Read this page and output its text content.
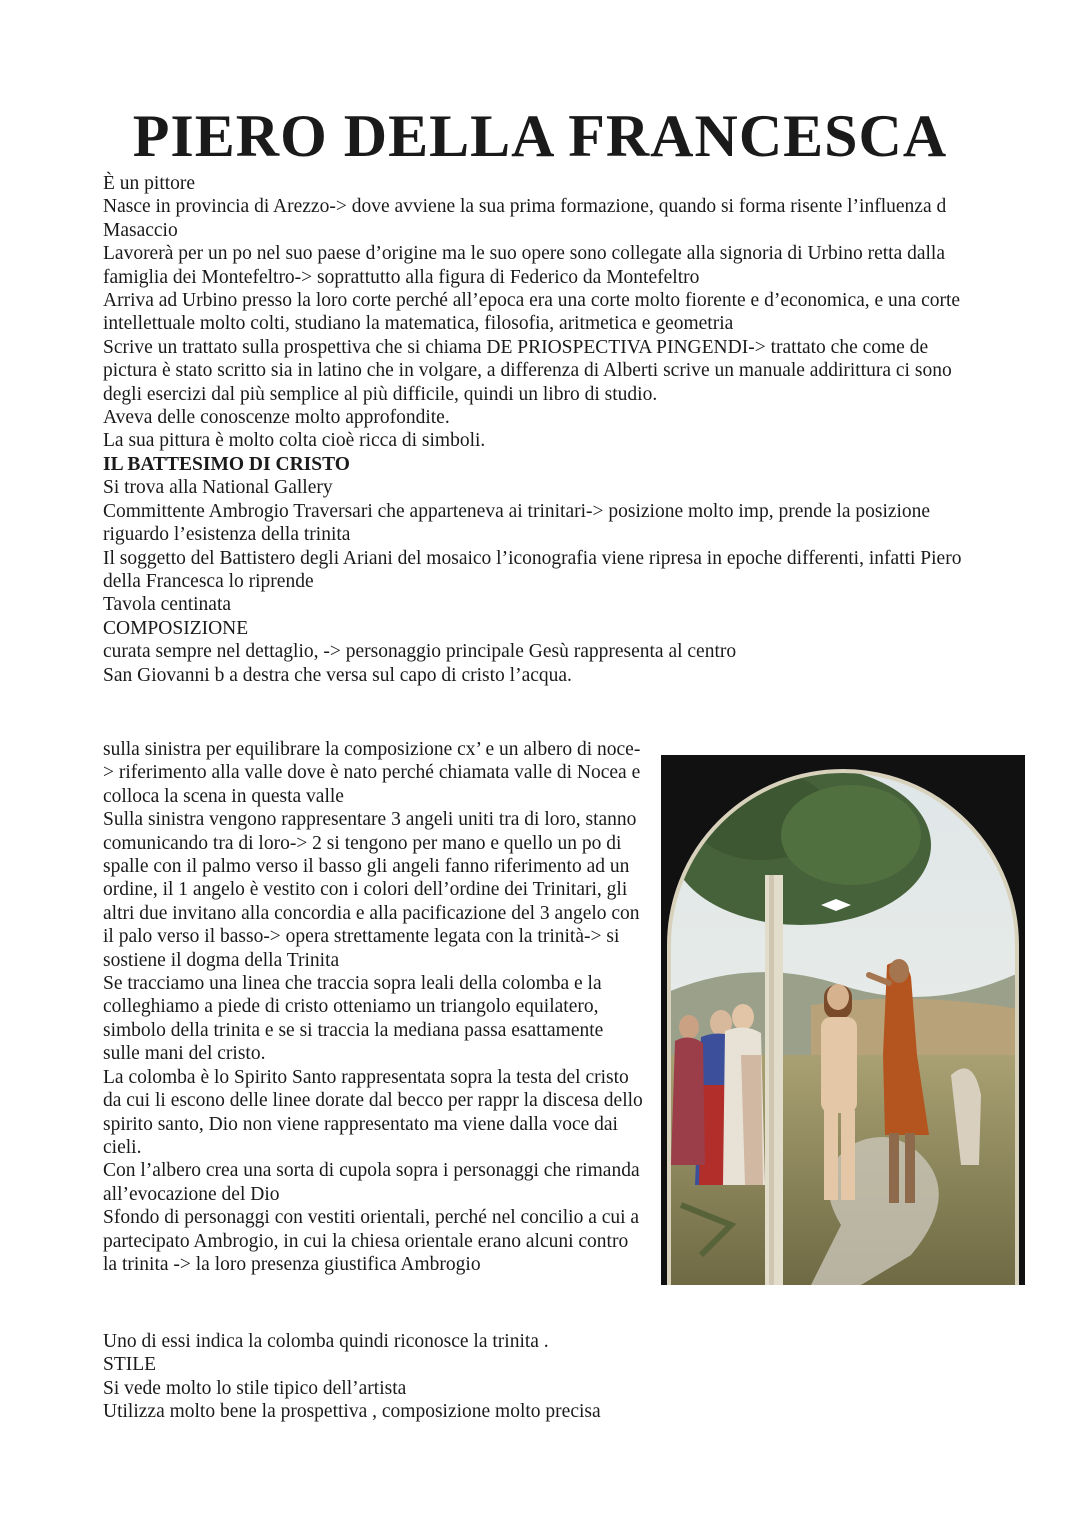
PIERO DELLA FRANCESCA

È un pittore

Nasce in provincia di Arezzo-> dove avviene la sua prima formazione, quando si forma risente l’influenza d Masaccio

Lavorerà per un po nel suo paese d’origine ma le suo opere sono collegate alla signoria di Urbino retta dalla famiglia dei Montefeltro-> soprattutto alla figura di Federico da Montefeltro

Arriva ad Urbino presso la loro corte perché all’epoca era una corte molto fiorente e d’economica, e una corte intellettuale molto colti, studiano la matematica, filosofia, aritmetica e geometria

Scrive un trattato sulla prospettiva che si chiama DE PRIOSPECTIVA PINGENDI-> trattato che come de pictura è stato scritto sia in latino che in volgare, a differenza di Alberti scrive un manuale addirittura ci sono degli esercizi dal più semplice al più difficile, quindi un libro di studio.

Aveva delle conoscenze molto approfondite.

La sua pittura è molto colta cioè ricca di simboli.

IL BATTESIMO DI CRISTO

Si trova alla National Gallery

Committente Ambrogio Traversari che apparteneva ai trinitari-> posizione molto imp, prende la posizione riguardo l’esistenza della trinita

Il soggetto del Battistero degli Ariani del mosaico l’iconografia viene ripresa in epoche differenti, infatti Piero della Francesca lo riprende

Tavola centinata

COMPOSIZIONE

curata sempre nel dettaglio, -> personaggio principale Gesù rappresenta al centro

San Giovanni b a destra che versa sul capo di cristo l’acqua.

sulla sinistra per equilibrare la composizione cx’ e un albero di noce-> riferimento alla valle dove è nato perché chiamata valle di Nocea e colloca la scena in questa valle

Sulla sinistra vengono rappresentare 3 angeli uniti tra di loro, stanno comunicando tra di loro-> 2 si tengono per mano e quello un po di spalle con il palmo verso il basso gli angeli fanno riferimento ad un ordine, il 1 angelo è vestito con i colori dell’ordine dei Trinitari, gli altri due invitano alla concordia e alla pacificazione del 3 angelo con il palo verso il basso-> opera strettamente legata con la trinità-> si sostiene il dogma della Trinita

Se tracciamo una linea che traccia sopra leali della colomba e la colleghiamo a piede di cristo otteniamo un triangolo equilatero, simbolo della trinita e se si traccia la mediana passa esattamente sulle mani del cristo.

La colomba è lo Spirito Santo rappresentata sopra la testa del cristo da cui li escono delle linee dorate dal becco per rappr la discesa dello spirito santo, Dio non viene rappresentato ma viene dalla voce dai cieli.

Con l’albero crea una sorta di cupola sopra i personaggi che rimanda all’evocazione del Dio

Sfondo di personaggi con vestiti orientali, perché nel concilio a cui a partecipato Ambrogio, in cui la chiesa orientale erano alcuni contro la trinita -> la loro presenza giustifica Ambrogio

Uno di essi indica la colomba quindi riconosce la trinita .

STILE

Si vede molto lo stile tipico dell’artista

Utilizza molto bene la prospettiva , composizione molto precisa
